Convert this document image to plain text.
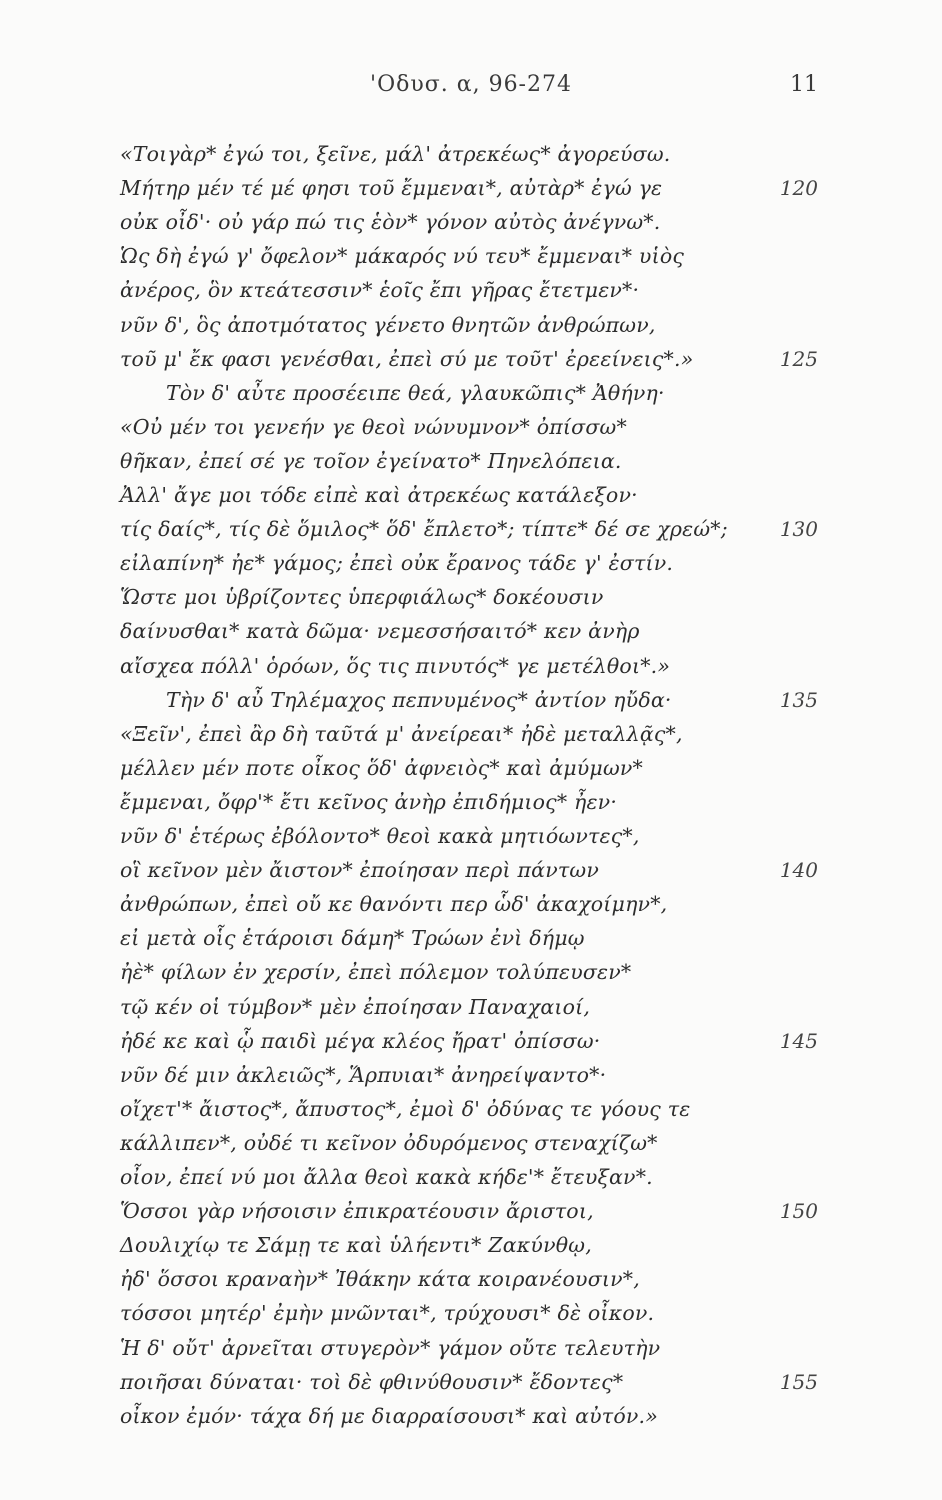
'Οδυσ. α, 96-274	11
«Τοιγὰρ* ἐγώ τοι, ξεῖνε, μάλ' ἀτρεκέως* ἀγορεύσω.
Μήτηρ μέν τέ μέ φησι τοῦ ἔμμεναι*, αὐτὰρ* ἐγώ γε	120
οὐκ οἶδ'· οὐ γάρ πώ τις ἑὸν* γόνον αὐτὸς ἀνέγνω*.
Ὡς δὴ ἐγώ γ' ὄφελον* μάκαρός νύ τευ* ἔμμεναι* υἱὸς
ἀνέρος, ὃν κτεάτεσσιν* ἑοῖς ἔπι γῆρας ἔτετμεν*·
νῦν δ', ὃς ἀποτμότατος γένετο θνητῶν ἀνθρώπων,
τοῦ μ' ἔκ φασι γενέσθαι, ἐπεὶ σύ με τοῦτ' ἐρεείνεις*.»	125
Τὸν δ' αὖτε προσέειπε θεά, γλαυκῶπις* Ἀθήνη·
«Οὐ μέν τοι γενεήν γε θεοὶ νώνυμνον* ὀπίσσω*
θῆκαν, ἐπεί σέ γε τοῖον ἐγείνατο* Πηνελόπεια.
Ἀλλ' ἄγε μοι τόδε εἰπὲ καὶ ἀτρεκέως κατάλεξον·
τίς δαίς*, τίς δὲ ὅμιλος* ὅδ' ἔπλετο*; τίπτε* δέ σε χρεώ*;	130
εἰλαπίνη* ἠε* γάμος; ἐπεὶ οὐκ ἔρανος τάδε γ' ἐστίν.
Ὥστε μοι ὑβρίζοντες ὑπερφιάλως* δοκέουσιν
δαίνυσθαι* κατὰ δῶμα· νεμεσσήσαιτό* κεν ἀνὴρ
αἴσχεα πόλλ' ὁρόων, ὅς τις πινυτός* γε μετέλθοι*.»
Τὴν δ' αὖ Τηλέμαχος πεπνυμένος* ἀντίον ηὔδα·	135
«Ξεῖν', ἐπεὶ ἂρ δὴ ταῦτά μ' ἀνείρεαι* ἠδὲ μεταλλᾷς*,
μέλλεν μέν ποτε οἶκος ὅδ' ἀφνειὸς* καὶ ἀμύμων*
ἔμμεναι, ὄφρ'* ἔτι κεῖνος ἀνὴρ ἐπιδήμιος* ἦεν·
νῦν δ' ἑτέρως ἐβόλοντο* θεοὶ κακὰ μητιόωντες*,
οἳ κεῖνον μὲν ἄιστον* ἐποίησαν περὶ πάντων	140
ἀνθρώπων, ἐπεὶ οὔ κε θανόντι περ ὧδ' ἀκαχοίμην*,
εἰ μετὰ οἷς ἑτάροισι δάμη* Τρώων ἐνὶ δήμῳ
ἠὲ* φίλων ἐν χερσίν, ἐπεὶ πόλεμον τολύπευσεν*
τῷ κέν οἱ τύμβον* μὲν ἐποίησαν Παναχαιοί,
ἠδέ κε καὶ ᾧ παιδὶ μέγα κλέος ἤρατ' ὀπίσσω·	145
νῦν δέ μιν ἀκλειῶς*, Ἅρπυιαι* ἀνηρείψαντο*·
οἴχετ'* ἄιστος*, ἄπυστος*, ἐμοὶ δ' ὀδύνας τε γόους τε
κάλλιπεν*, οὐδέ τι κεῖνον ὀδυρόμενος στεναχίζω*
οἶον, ἐπεί νύ μοι ἄλλα θεοὶ κακὰ κήδε'* ἔτευξαν*.
Ὅσσοι γὰρ νήσοισιν ἐπικρατέουσιν ἄριστοι,	150
Δουλιχίῳ τε Σάμῃ τε καὶ ὑλήεντι* Ζακύνθῳ,
ἠδ' ὅσσοι κραναὴν* Ἰθάκην κάτα κοιρανέουσιν*,
τόσσοι μητέρ' ἐμὴν μνῶνται*, τρύχουσι* δὲ οἶκον.
Ἡ δ' οὔτ' ἀρνεῖται στυγερὸν* γάμον οὔτε τελευτὴν
ποιῆσαι δύναται· τοὶ δὲ φθινύθουσιν* ἔδοντες*	155
οἶκον ἐμόν· τάχα δή με διαρραίσουσι* καὶ αὐτόν.»
